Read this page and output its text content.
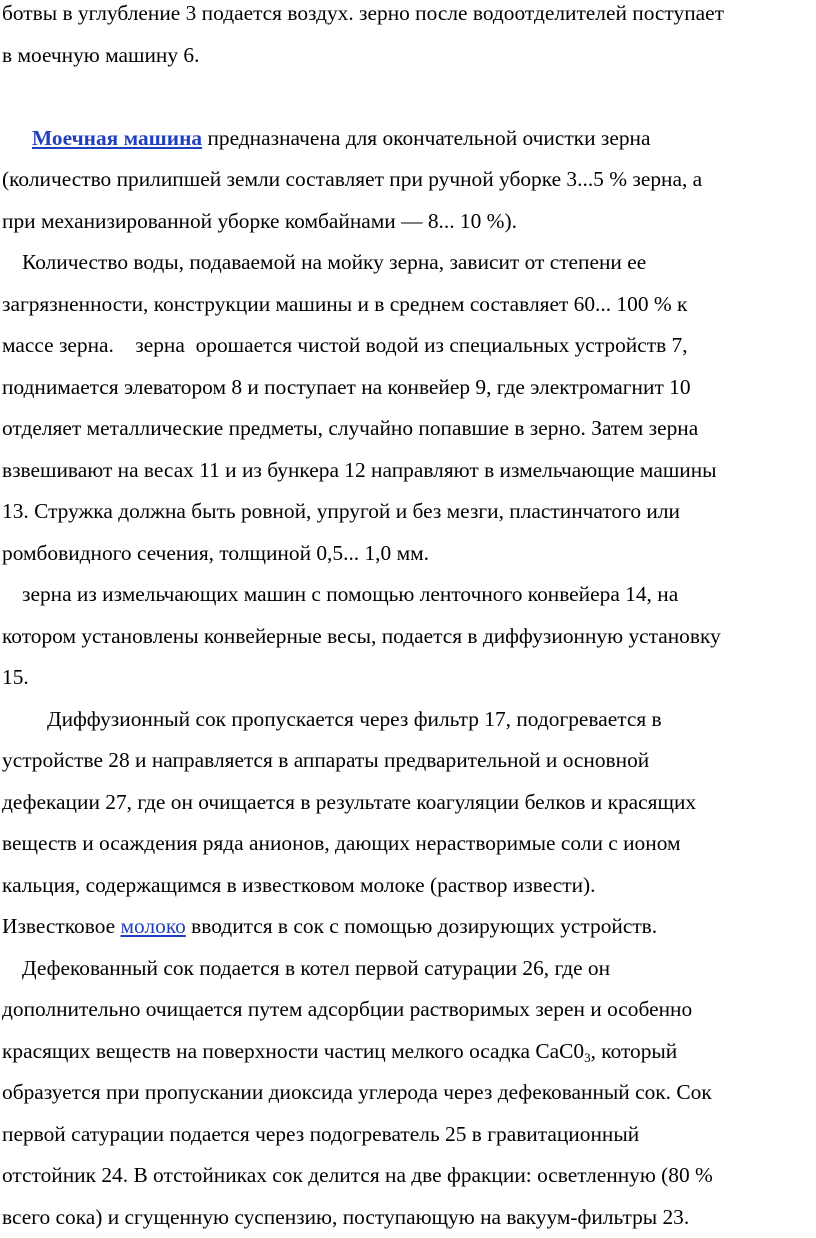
ботвы в углубление 3 подается воздух. зерно после водоотделителей поступает
в моечную машину 6.
Моечная машина предназначена для окончательной очистки зерна
(количество прилипшей земли составляет при ручной уборке 3...5 % зерна, а
при механизированной уборке комбайнами — 8... 10 %).
Количество воды, подаваемой на мойку зерна, зависит от степени ее
загрязненности, конструкции машины и в среднем составляет 60... 100 % к
массе зерна.    зерна  орошается чистой водой из специальных устройств 7,
поднимается элеватором 8 и поступает на конвейер 9, где электромагнит 10
отделяет металлические предметы, случайно попавшие в зерно. Затем зерна
взвешивают на весах 11 и из бункера 12 направляют в измельчающие машины
13. Стружка должна быть ровной, упругой и без мезги, пластинчатого или
ромбовидного сечения, толщиной 0,5... 1,0 мм.
зерна из измельчающих машин с помощью ленточного конвейера 14, на
котором установлены конвейерные весы, подается в диффузионную установку
15.
Диффузионный сок пропускается через фильтр 17, подогревается в
устройстве 28 и направляется в аппараты предварительной и основной
дефекации 27, где он очищается в результате коагуляции белков и красящих
веществ и осаждения ряда анионов, дающих нерастворимые соли с ионом
кальция, содержащимся в известковом молоке (раствор извести).
Известковое молоко вводится в сок с помощью дозирующих устройств.
Дефекованный сок подается в котел первой сатурации 26, где он
дополнительно очищается путем адсорбции растворимых зерен и особенно
красящих веществ на поверхности частиц мелкого осадка $СаС0_3$, который
образуется при пропускании диоксида углерода через дефекованный сок. Сок
первой сатурации подается через подогреватель 25 в гравитационный
отстойник 24. В отстойниках сок делится на две фракции: осветленную (80 %
всего сока) и сгущенную суспензию, поступающую на вакуум-фильтры 23.
